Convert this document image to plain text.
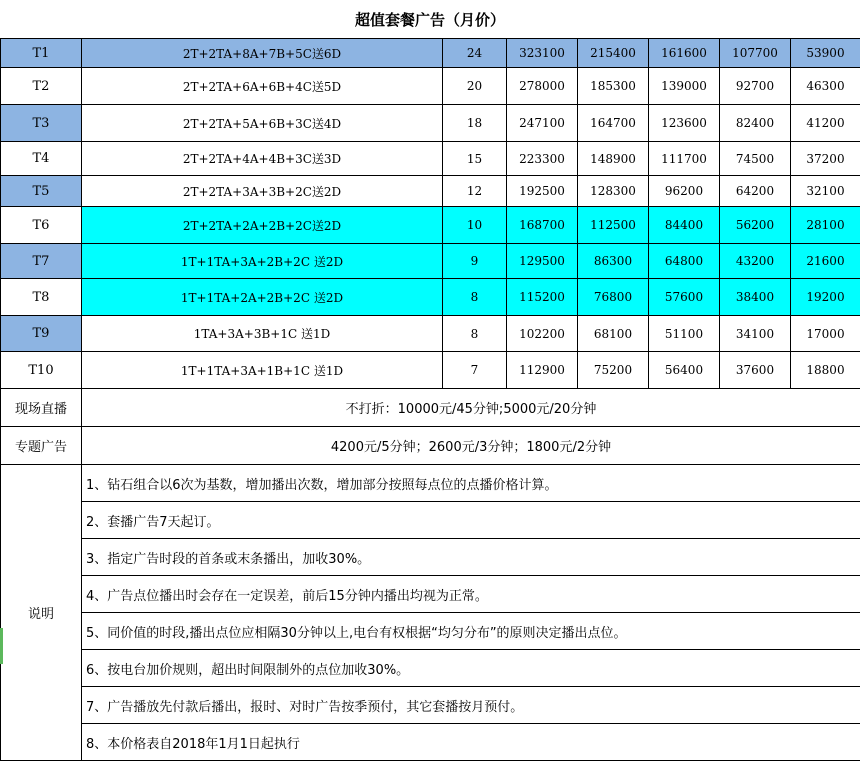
超值套餐广告（月价）
T1	2T+2TA+8A+7B+5C送6D	24	323100	215400	161600	107700	53900
T2	2T+2TA+6A+6B+4C送5D	20	278000	185300	139000	92700	46300
T3	2T+2TA+5A+6B+3C送4D	18	247100	164700	123600	82400	41200
T4	2T+2TA+4A+4B+3C送3D	15	223300	148900	111700	74500	37200
T5	2T+2TA+3A+3B+2C送2D	12	192500	128300	96200	64200	32100
T6	2T+2TA+2A+2B+2C送2D	10	168700	112500	84400	56200	28100
T7	1T+1TA+3A+2B+2C 送2D	9	129500	86300	64800	43200	21600
T8	1T+1TA+2A+2B+2C 送2D	8	115200	76800	57600	38400	19200
T9	1TA+3A+3B+1C 送1D	8	102200	68100	51100	34100	17000
T10	1T+1TA+3A+1B+1C 送1D	7	112900	75200	56400	37600	18800
现场直播	不打折：10000元/45分钟;5000元/20分钟						
专题广告	4200元/5分钟；2600元/3分钟；1800元/2分钟						
说明	1、钻石组合以6次为基数，增加播出次数，增加部分按照每点位的点播价格计算。						
	2、套播广告7天起订。						
	3、指定广告时段的首条或末条播出，加收30%。						
	4、广告点位播出时会存在一定误差，前后15分钟内播出均视为正常。						
	5、同价值的时段,播出点位应相隔30分钟以上,电台有权根据“均匀分布”的原则决定播出点位。						
	6、按电台加价规则，超出时间限制外的点位加收30%。						
	7、广告播放先付款后播出，报时、对时广告按季预付，其它套播按月预付。						
	8、本价格表自2018年1月1日起执行						
